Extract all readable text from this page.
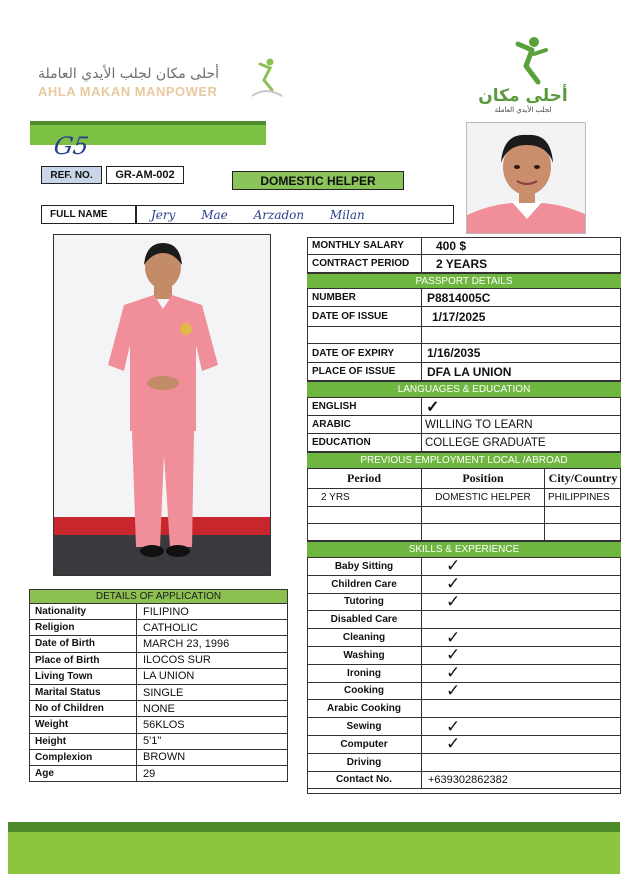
أحلى مكان لجلب الأيدي العاملة
AHLA MAKAN MANPOWER	أحلى مكان
لجلب الأيدي العاملة
G5
REF. NO.	GR-AM-002	DOMESTIC HELPER
FULL NAME	Jery Mae Arzadon Milan
MONTHLY SALARY	400 $
CONTRACT PERIOD	2 YEARS
PASSPORT DETAILS
NUMBER	P8814005C
DATE OF ISSUE	1/17/2025
DATE OF EXPIRY	1/16/2035
PLACE OF ISSUE	DFA LA UNION
LANGUAGES & EDUCATION
ENGLISH	✓
ARABIC	WILLING TO LEARN
EDUCATION	COLLEGE GRADUATE
PREVIOUS EMPLOYMENT LOCAL /ABROAD
Period	Position	City/Country
2 YRS	DOMESTIC HELPER	PHILIPPINES
SKILLS & EXPERIENCE
Baby Sitting	✓
Children Care	✓
Tutoring	✓
Disabled Care
Cleaning	✓
Washing	✓
Ironing	✓
Cooking	✓
Arabic Cooking
Sewing	✓
Computer	✓
Driving
Contact No.	+639302862382
DETAILS OF APPLICATION
Nationality	FILIPINO
Religion	CATHOLIC
Date of Birth	MARCH 23, 1996
Place of Birth	ILOCOS SUR
Living Town	LA UNION
Marital Status	SINGLE
No of Children	NONE
Weight	56KLOS
Height	5'1"
Complexion	BROWN
Age	29
